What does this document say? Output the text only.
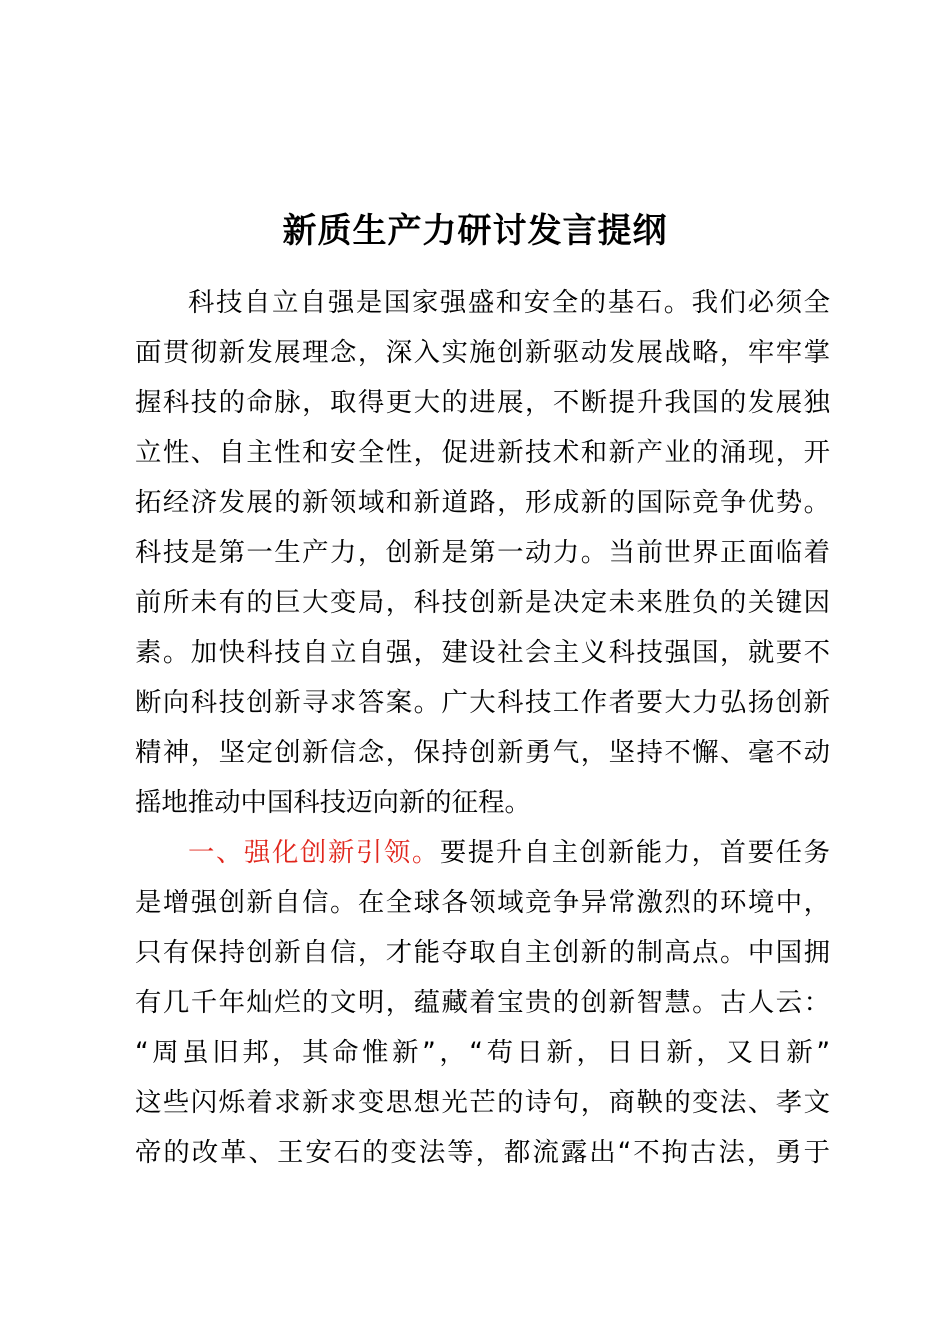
新质生产力研讨发言提纲
科技自立自强是国家强盛和安全的基石。我们必须全
面贯彻新发展理念，深入实施创新驱动发展战略，牢牢掌
握科技的命脉，取得更大的进展，不断提升我国的发展独
立性、自主性和安全性，促进新技术和新产业的涌现，开
拓经济发展的新领域和新道路，形成新的国际竞争优势。
科技是第一生产力，创新是第一动力。当前世界正面临着
前所未有的巨大变局，科技创新是决定未来胜负的关键因
素。加快科技自立自强，建设社会主义科技强国，就要不
断向科技创新寻求答案。广大科技工作者要大力弘扬创新
精神，坚定创新信念，保持创新勇气，坚持不懈、毫不动
摇地推动中国科技迈向新的征程。
一、强化创新引领。要提升自主创新能力，首要任务
是增强创新自信。在全球各领域竞争异常激烈的环境中，
只有保持创新自信，才能夺取自主创新的制高点。中国拥
有几千年灿烂的文明，蕴藏着宝贵的创新智慧。古人云：
“周虽旧邦，其命惟新”，“苟日新，日日新，又日新”
这些闪烁着求新求变思想光芒的诗句，商鞅的变法、孝文
帝的改革、王安石的变法等，都流露出“不拘古法，勇于
